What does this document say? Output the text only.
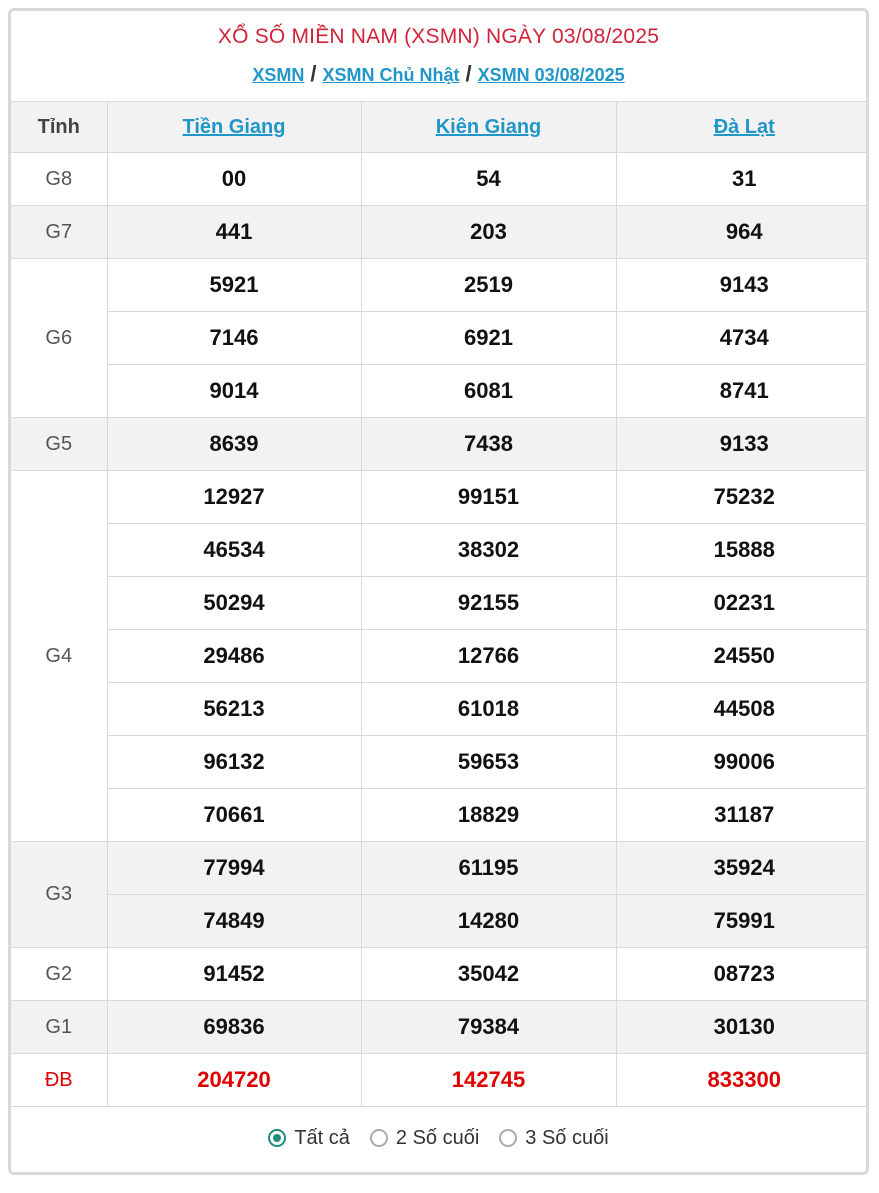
XỔ SỐ MIỀN NAM (XSMN) NGÀY 03/08/2025
XSMN / XSMN Chủ Nhật / XSMN 03/08/2025
Tỉnh	Tiền Giang	Kiên Giang	Đà Lạt
G8	00	54	31
G7	441	203	964
G6	5921	2519	9143
	7146	6921	4734
	9014	6081	8741
G5	8639	7438	9133
G4	12927	99151	75232
	46534	38302	15888
	50294	92155	02231
	29486	12766	24550
	56213	61018	44508
	96132	59653	99006
	70661	18829	31187
G3	77994	61195	35924
	74849	14280	75991
G2	91452	35042	08723
G1	69836	79384	30130
ĐB	204720	142745	833300
Tất cả 2 Số cuối 3 Số cuối
